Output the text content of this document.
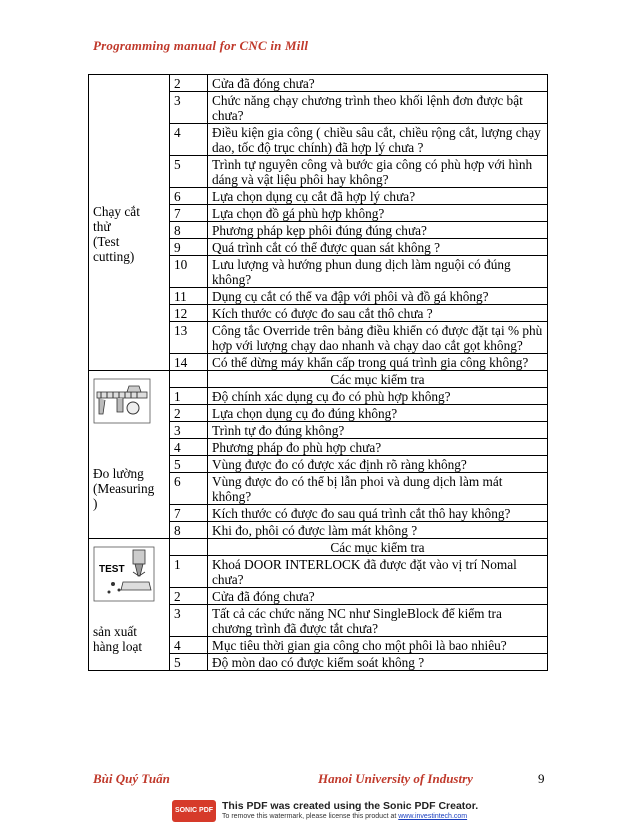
Programming manual for CNC in Mill
Chạy cắt
thử
(Test
cutting)	2	Cửa đã đóng chưa?
	3	Chức năng chạy chương trình theo khối lệnh đơn được bật chưa?
	4	Điều kiện gia công ( chiều sâu cắt, chiều rộng cắt, lượng chạy dao, tốc độ trục chính) đã hợp lý chưa ?
	5	Trình tự nguyên công và bước gia công có phù hợp với hình dáng và vật liệu phôi hay không?
	6	Lựa chọn dụng cụ cắt đã hợp lý chưa?
	7	Lựa chọn đồ gá phù hợp không?
	8	Phương pháp kẹp phôi đúng đúng chưa?
	9	Quá trình cắt có thể được quan sát không ?
	10	Lưu lượng và hướng phun dung dịch làm nguội có đúng không?
	11	Dụng cụ cắt có thể va đập với phôi và đồ gá không?
	12	Kích thước có được đo sau cắt thô chưa ?
	13	Công tắc Override trên bảng điều khiển có được đặt tại % phù hợp với lượng chạy dao nhanh và chạy dao cắt gọt không?
	14	Có thể dừng máy khẩn cấp trong quá trình gia công không?

Đo lường
(Measuring
)		Các mục kiểm tra
	1	Độ chính xác dụng cụ đo có phù hợp không?
	2	Lựa chọn dụng cụ đo đúng không?
	3	Trình tự đo đúng không?
	4	Phương pháp đo phù hợp chưa?
	5	Vùng được đo có được xác định rõ ràng không?
	6	Vùng được đo có thể bị lẫn phoi và dung dịch làm mát không?
	7	Kích thước có được đo sau quá trình cắt thô hay không?
	8	Khi đo, phôi có được làm mát không ?

TEST
sản xuất
hàng loạt		Các mục kiểm tra
	1	Khoá DOOR INTERLOCK đã được đặt vào vị trí Nomal chưa?
	2	Cửa đã đóng chưa?
	3	Tất cả các chức năng NC như SingleBlock để kiểm tra chương trình đã được tắt chưa?
	4	Mục tiêu thời gian gia công cho một phôi là bao nhiêu?
	5	Độ mòn dao có được kiểm soát không ?
Bùi Quý Tuấn	Hanoi University of Industry	9
SONIC PDF This PDF was created using the Sonic PDF Creator.
To remove this watermark, please license this product at www.investintech.com
